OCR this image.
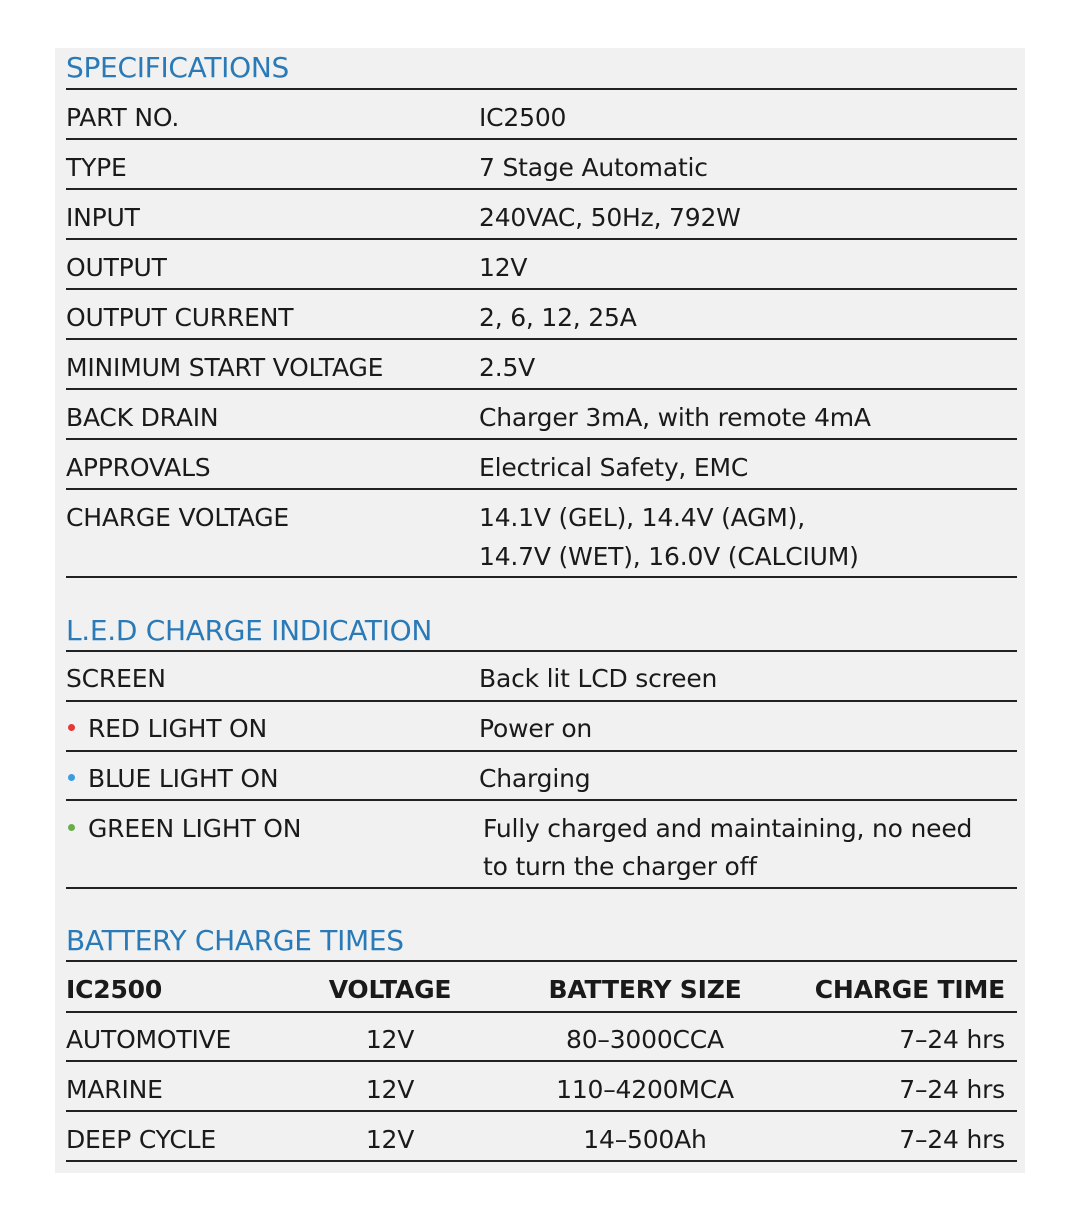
SPECIFICATIONS
PART NO.	IC2500
TYPE	7 Stage Automatic
INPUT	240VAC, 50Hz, 792W
OUTPUT	12V
OUTPUT CURRENT	2, 6, 12, 25A
MINIMUM START VOLTAGE	2.5V
BACK DRAIN	Charger 3mA, with remote 4mA
APPROVALS	Electrical Safety, EMC
CHARGE VOLTAGE	14.1V (GEL), 14.4V (AGM),
14.7V (WET), 16.0V (CALCIUM)
L.E.D CHARGE INDICATION
SCREEN	Back lit LCD screen
RED LIGHT ON	Power on
BLUE LIGHT ON	Charging
GREEN LIGHT ON	Fully charged and maintaining, no need
to turn the charger off
BATTERY CHARGE TIMES
IC2500	VOLTAGE	BATTERY SIZE	CHARGE TIME
AUTOMOTIVE	12V	80–3000CCA	7–24 hrs
MARINE	12V	110–4200MCA	7–24 hrs
DEEP CYCLE	12V	14–500Ah	7–24 hrs
